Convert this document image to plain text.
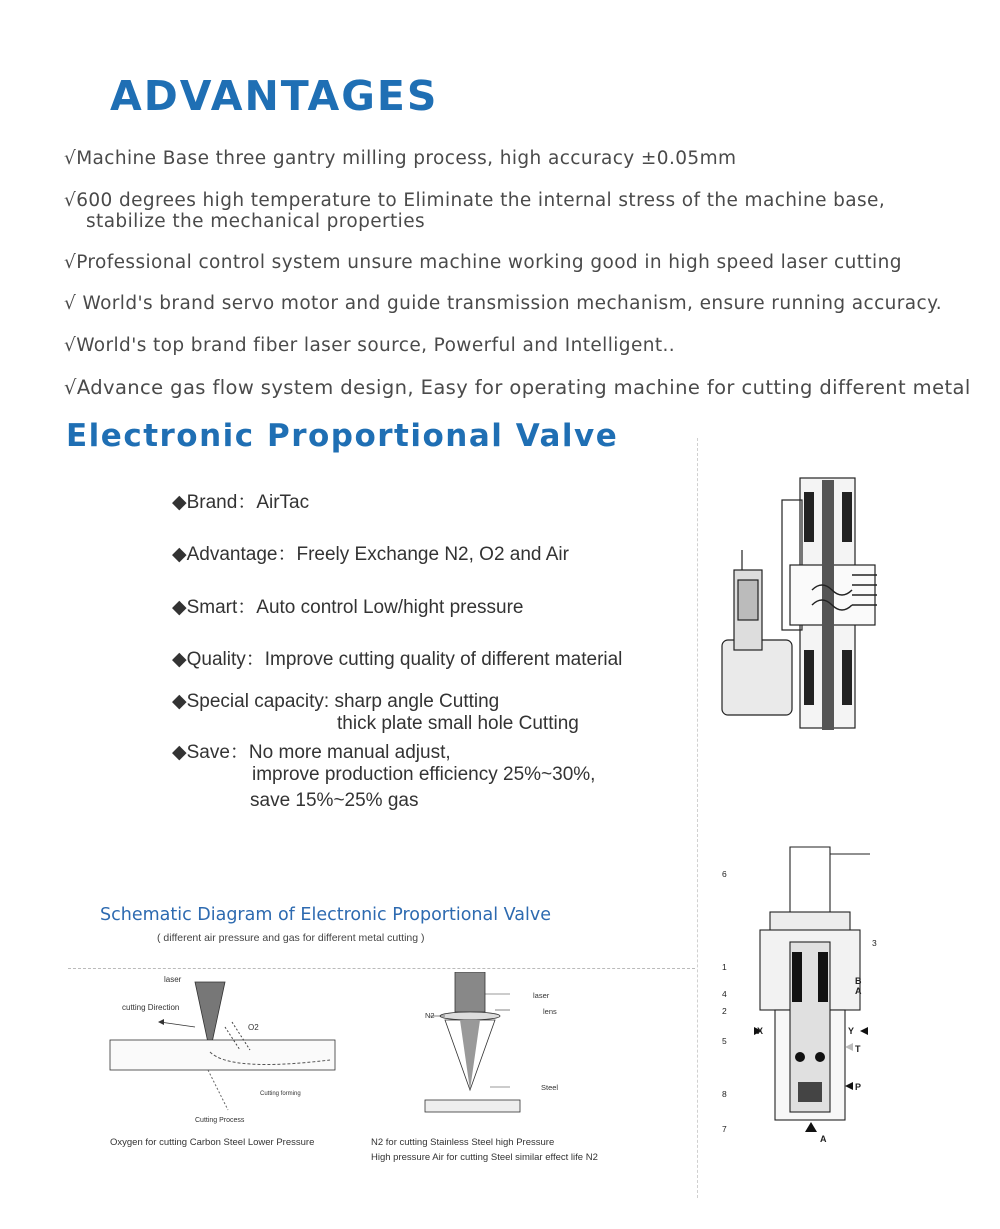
ADVANTAGES
√Machine Base three gantry milling process, high accuracy ±0.05mm
√600 degrees high temperature to Eliminate the internal stress of the machine base,
stabilize the mechanical properties
√Professional control system unsure machine working good in high speed laser cutting
√ World's brand servo motor and guide transmission mechanism, ensure running accuracy.
√World's top brand fiber laser source, Powerful and Intelligent..
√Advance gas flow system design, Easy for operating machine for cutting different metal
Electronic Proportional Valve
◆Brand：AirTac
◆Advantage：Freely Exchange N2, O2 and Air
◆Smart：Auto control Low/hight pressure
◆Quality：Improve cutting quality of different material
◆Special capacity: sharp angle Cutting
thick plate small hole Cutting
◆Save：No more manual adjust,
improve production efficiency 25%~30%,
save 15%~25% gas
Schematic Diagram of Electronic Proportional Valve
( different air pressure and gas for different metal cutting )
laser
cutting Direction
O2
Cutting forming
Cutting Process
Oxygen for cutting Carbon Steel Lower Pressure
laser
lens
N2
Steel
N2 for cutting Stainless Steel high Pressure
High pressure Air for cutting Steel similar effect life N2
6
1
4
2
5
8
7
3
B
A
X	Y
T
P
A
